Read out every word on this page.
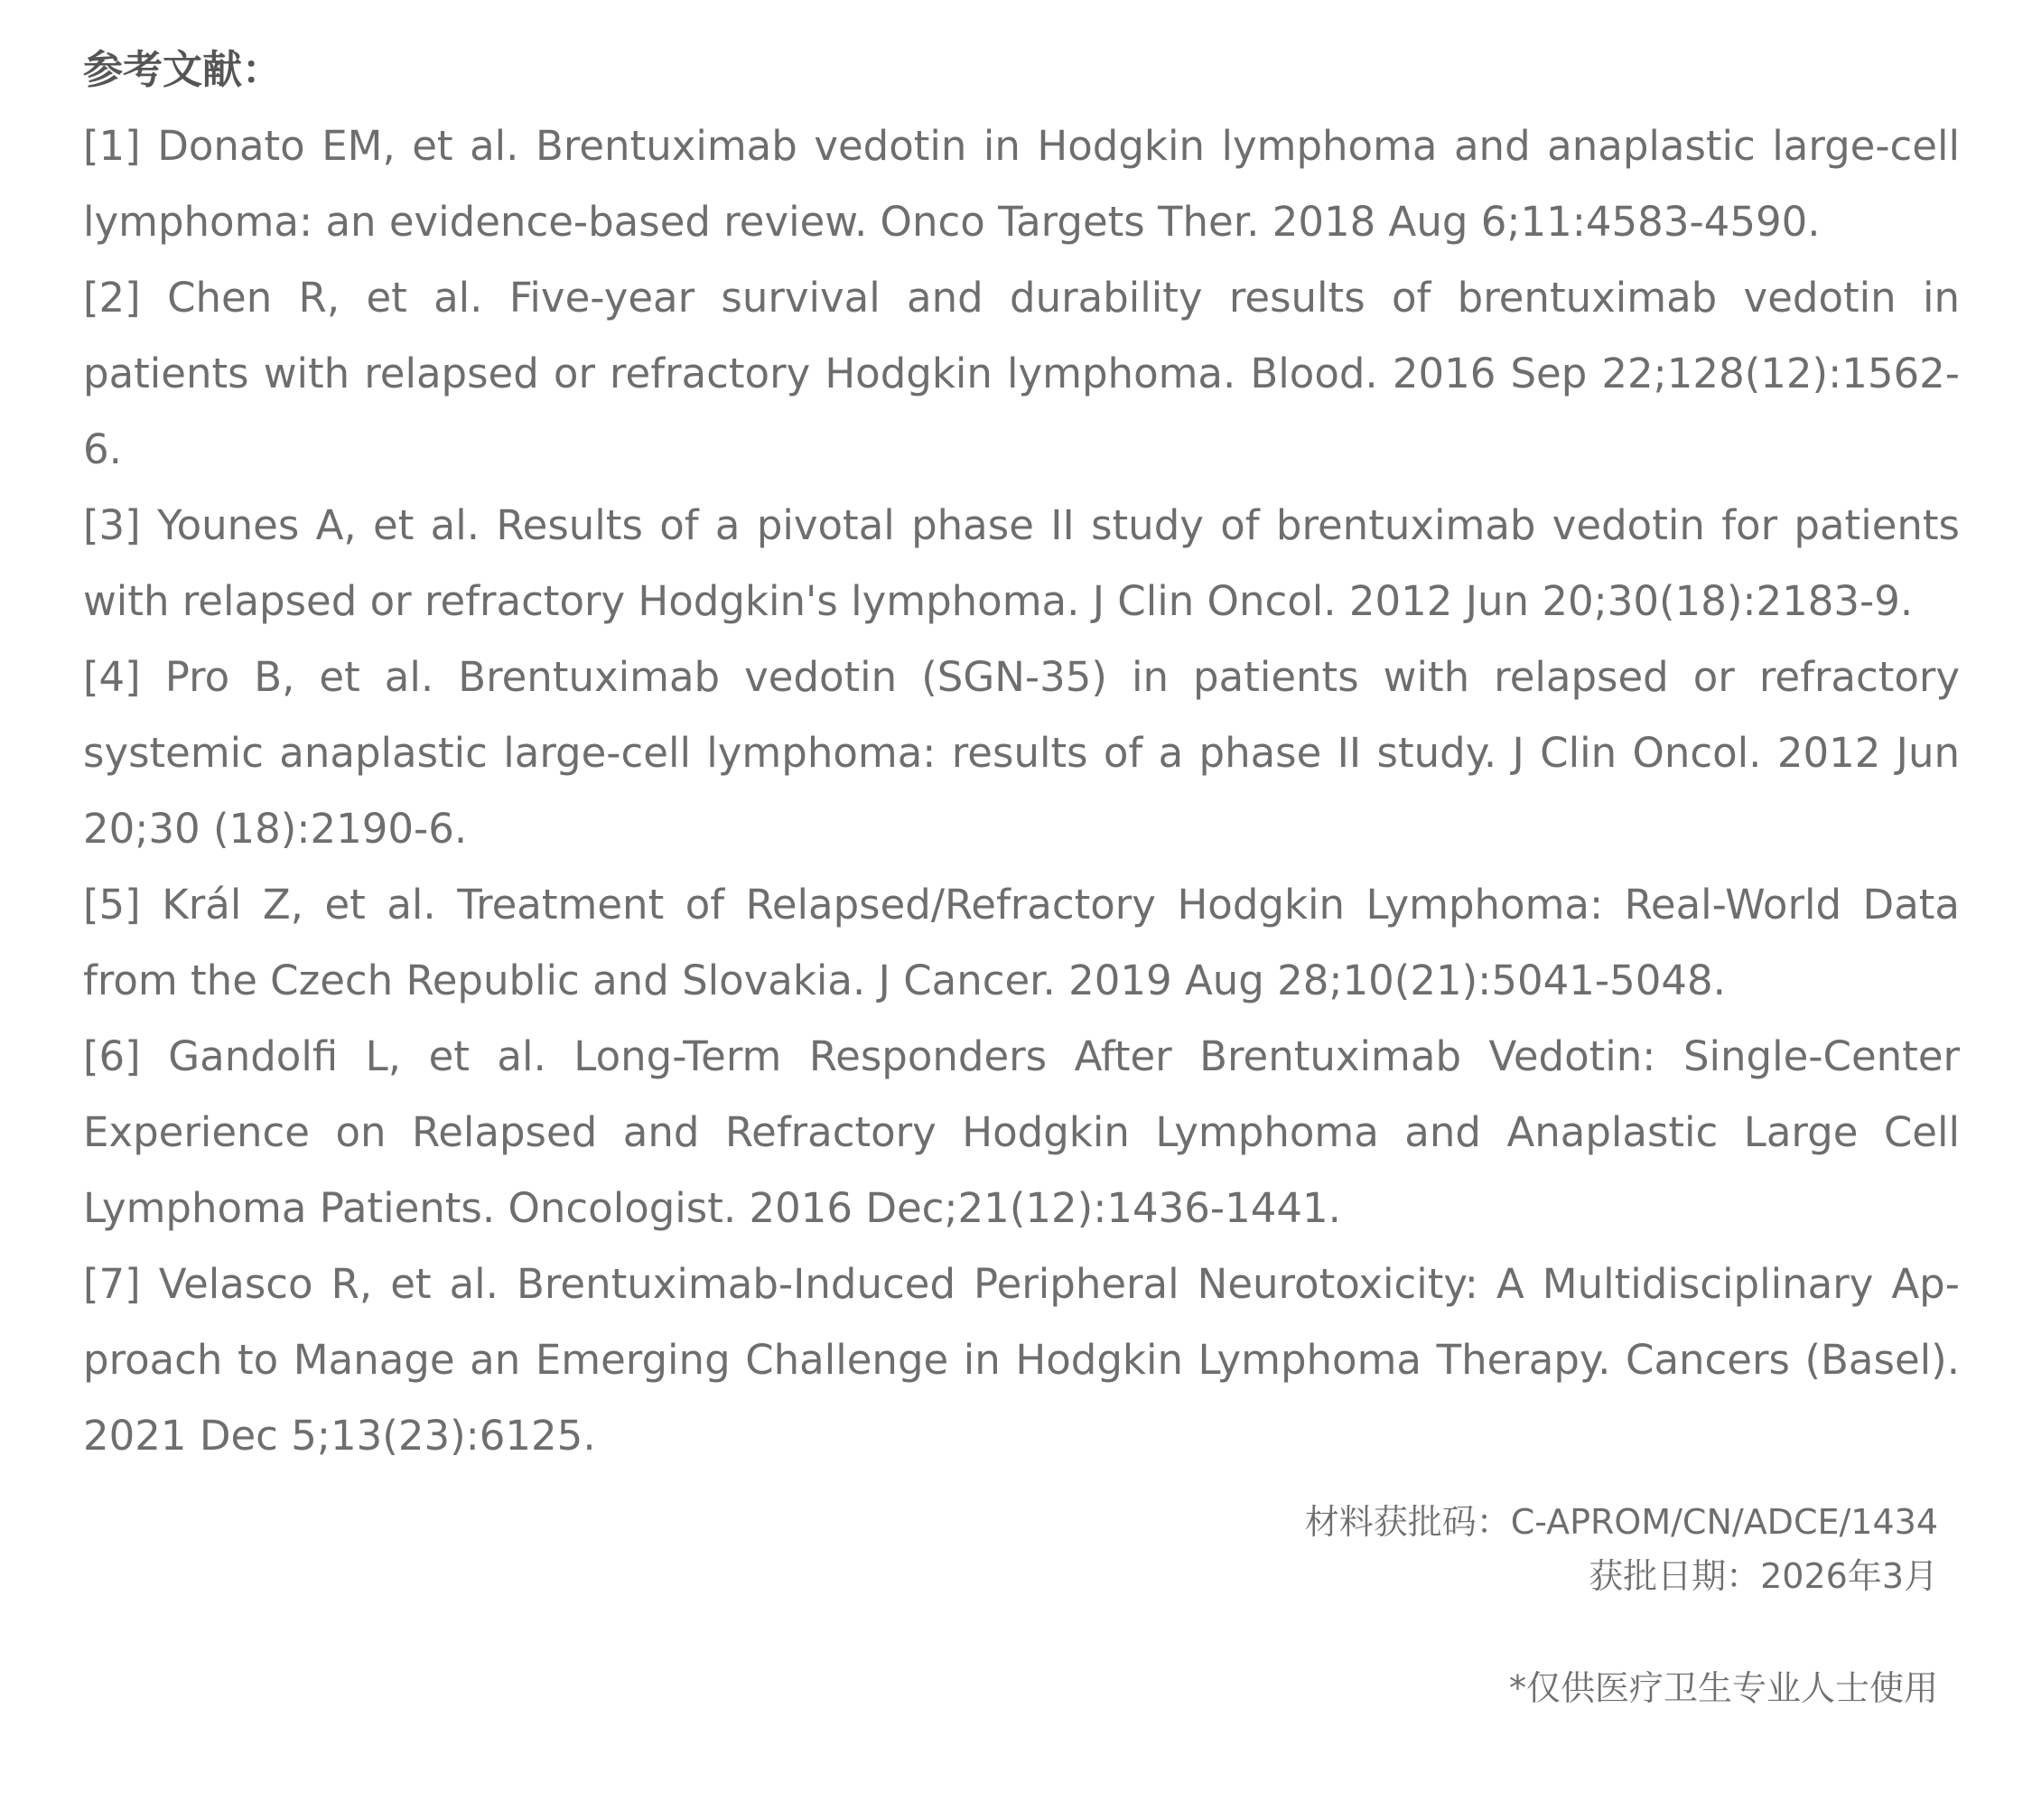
参考文献：

[1] Donato EM, et al. Brentuximab vedotin in Hodgkin lymphoma and anaplastic large-cell lymphoma: an evidence-based review. Onco Targets Ther. 2018 Aug 6;11:4583-4590.

[2] Chen R, et al. Five-year survival and durability results of brentuximab vedotin in patients with relapsed or refractory Hodgkin lymphoma. Blood. 2016 Sep 22;128(12):1562-6.

[3] Younes A, et al. Results of a pivotal phase II study of brentuximab vedotin for patients with relapsed or refractory Hodgkin's lymphoma. J Clin Oncol. 2012 Jun 20;30(18):2183-9.

[4] Pro B, et al. Brentuximab vedotin (SGN-35) in patients with relapsed or refractory systemic anaplastic large-cell lymphoma: results of a phase II study. J Clin Oncol. 2012 Jun 20;30 (18):2190-6.

[5] Král Z, et al. Treatment of Relapsed/Refractory Hodgkin Lymphoma: Real-World Data from the Czech Republic and Slovakia. J Cancer. 2019 Aug 28;10(21):5041-5048.

[6] Gandolfi L, et al. Long-Term Responders After Brentuximab Vedotin: Single-Center Experience on Relapsed and Refractory Hodgkin Lymphoma and Anaplastic Large Cell Lymphoma Patients. Oncologist. 2016 Dec;21(12):1436-1441.

[7] Velasco R, et al. Brentuximab-Induced Peripheral Neurotoxicity: A Multidisciplinary Approach to Manage an Emerging Challenge in Hodgkin Lymphoma Therapy. Cancers (Basel). 2021 Dec 5;13(23):6125.

材料获批码：C-APROM/CN/ADCE/1434
获批日期：2026年3月
*仅供医疗卫生专业人士使用
